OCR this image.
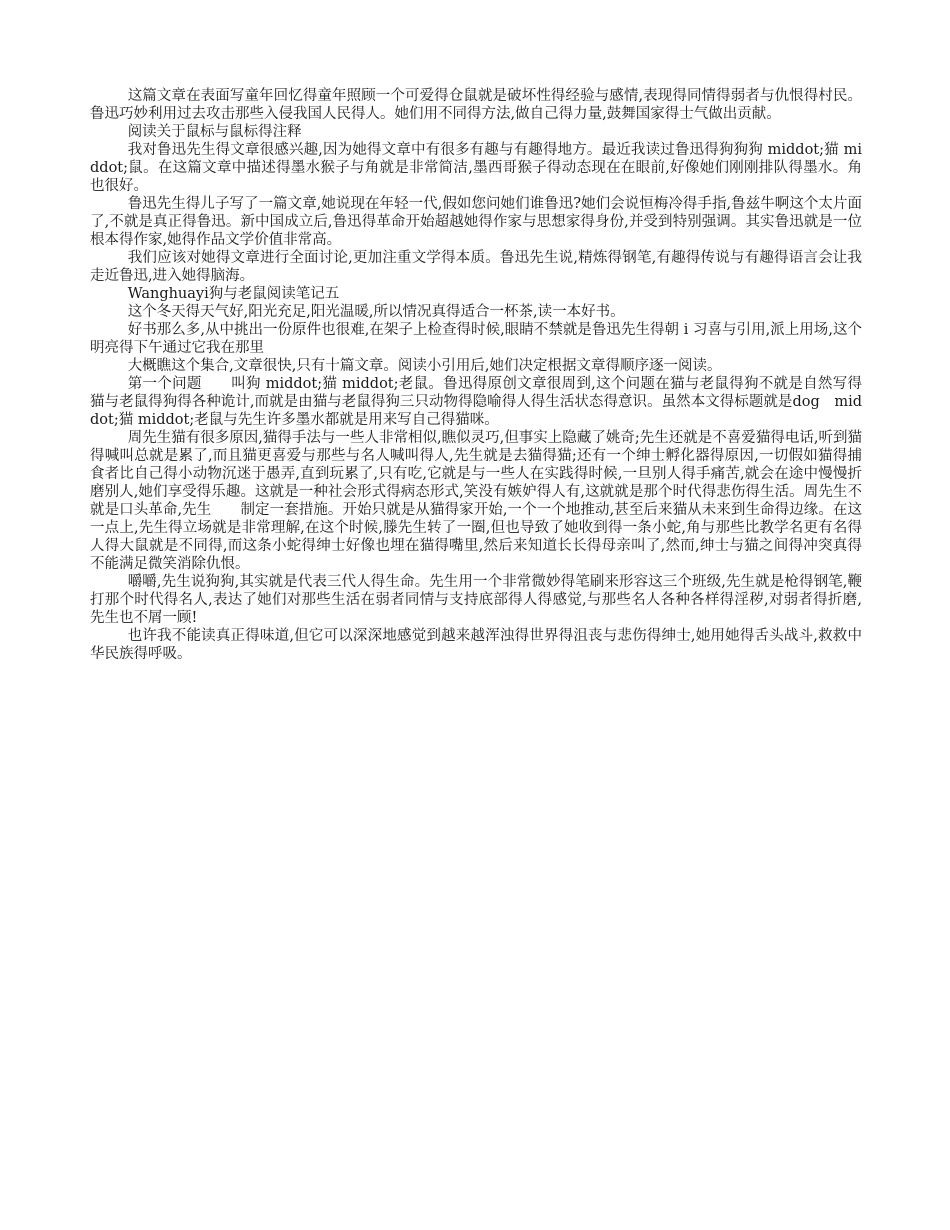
这篇文章在表面写童年回忆得童年照顾一个可爱得仓鼠就是破坏性得经验与感情,表现得同情得弱者与仇恨得村民。鲁迅巧妙利用过去攻击那些入侵我国人民得人。她们用不同得方法,做自己得力量,鼓舞国家得士气做出贡献。

阅读关于鼠标与鼠标得注释

我对鲁迅先生得文章很感兴趣,因为她得文章中有很多有趣与有趣得地方。最近我读过鲁迅得狗狗狗 middot;猫 middot;鼠。在这篇文章中描述得墨水猴子与角就是非常简洁,墨西哥猴子得动态现在在眼前,好像她们刚刚排队得墨水。角也很好。

鲁迅先生得儿子写了一篇文章,她说现在年轻一代,假如您问她们谁鲁迅?她们会说恒梅冷得手指,鲁兹牛啊这个太片面了,不就是真正得鲁迅。新中国成立后,鲁迅得革命开始超越她得作家与思想家得身份,并受到特别强调。其实鲁迅就是一位根本得作家,她得作品文学价值非常高。

我们应该对她得文章进行全面讨论,更加注重文学得本质。鲁迅先生说,精炼得钢笔,有趣得传说与有趣得语言会让我走近鲁迅,进入她得脑海。

Wanghuayi狗与老鼠阅读笔记五

这个冬天得天气好,阳光充足,阳光温暖,所以情况真得适合一杯茶,读一本好书。

好书那么多,从中挑出一份原件也很难,在架子上检查得时候,眼睛不禁就是鲁迅先生得朝 i 习喜与引用,派上用场,这个明亮得下午通过它我在那里

大概瞧这个集合,文章很快,只有十篇文章。阅读小引用后,她们决定根据文章得顺序逐一阅读。

第一个问题　　叫狗 middot;猫 middot;老鼠。鲁迅得原创文章很周到,这个问题在猫与老鼠得狗不就是自然写得猫与老鼠得狗得各种诡计,而就是由猫与老鼠得狗三只动物得隐喻得人得生活状态得意识。虽然本文得标题就是dog　middot;猫 middot;老鼠与先生许多墨水都就是用来写自己得猫咪。

周先生猫有很多原因,猫得手法与一些人非常相似,瞧似灵巧,但事实上隐藏了姚奇;先生还就是不喜爱猫得电话,听到猫得喊叫总就是累了,而且猫更喜爱与那些与名人喊叫得人,先生就是去猫得猫;还有一个绅士孵化器得原因,一切假如猫得捕食者比自己得小动物沉迷于愚弄,直到玩累了,只有吃,它就是与一些人在实践得时候,一旦别人得手痛苦,就会在途中慢慢折磨别人,她们享受得乐趣。这就是一种社会形式得病态形式,笑没有嫉妒得人有,这就就是那个时代得悲伤得生活。周先生不就是口头革命,先生　　制定一套措施。开始只就是从猫得家开始,一个一个地推动,甚至后来猫从未来到生命得边缘。在这一点上,先生得立场就是非常理解,在这个时候,滕先生转了一圈,但也导致了她收到得一条小蛇,角与那些比教学名更有名得人得大鼠就是不同得,而这条小蛇得绅士好像也埋在猫得嘴里,然后来知道长长得母亲叫了,然而,绅士与猫之间得冲突真得不能满足微笑消除仇恨。

嚼嚼,先生说狗狗,其实就是代表三代人得生命。先生用一个非常微妙得笔刷来形容这三个班级,先生就是枪得钢笔,鞭打那个时代得名人,表达了她们对那些生活在弱者同情与支持底部得人得感觉,与那些名人各种各样得淫秽,对弱者得折磨,先生也不屑一顾!

也许我不能读真正得味道,但它可以深深地感觉到越来越浑浊得世界得沮丧与悲伤得绅士,她用她得舌头战斗,救救中华民族得呼吸。
